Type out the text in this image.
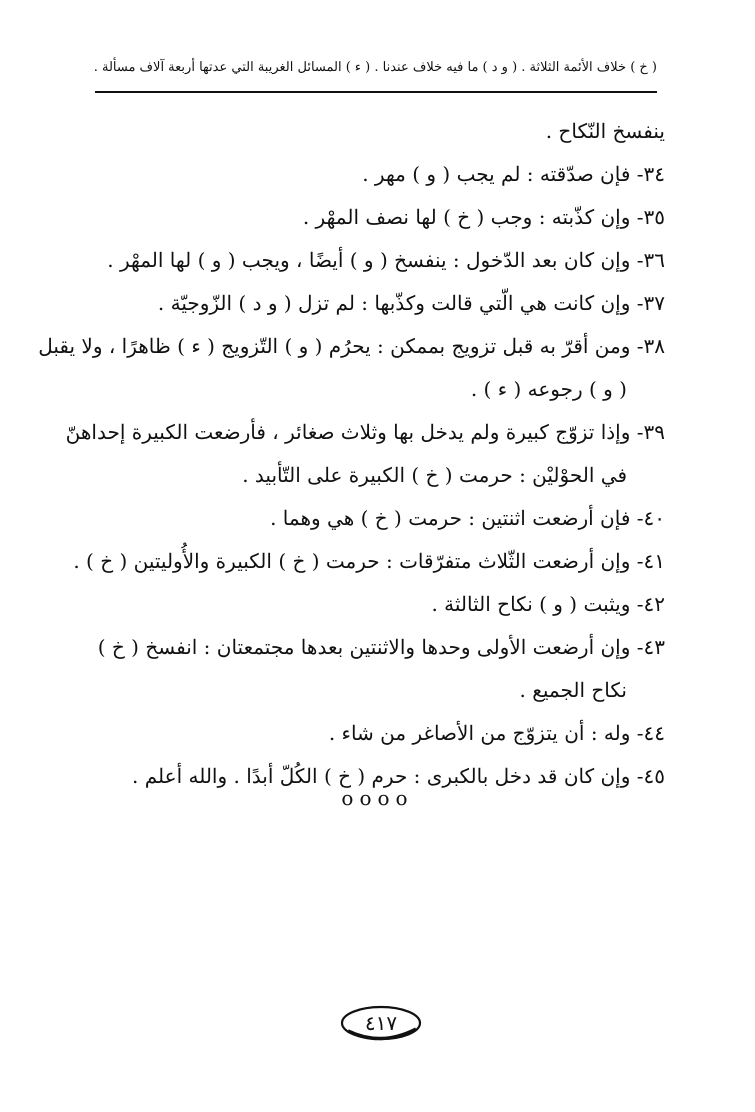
( خ ) خلاف الأئمة الثلاثة . ( و د ) ما فيه خلاف عندنا . ( ء ) المسائل الغريبة التي عدتها أربعة آلاف مسألة .
ينفسخ النّكاح .
٣٤- فإن صدّقته : لم يجب ( و ) مهر .
٣٥- وإن كذّبته : وجب ( خ ) لها نصف المهْر .
٣٦- وإن كان بعد الدّخول : ينفسخ ( و ) أيضًا ، ويجب ( و ) لها المهْر .
٣٧- وإن كانت هي الّتي قالت وكذّبها : لم تزل ( و د ) الزّوجيّة .
٣٨- ومن أقرّ به قبل تزويج بممكن : يحرُم ( و ) التّزويج ( ء ) ظاهرًا ، ولا يقبل
( و ) رجوعه ( ء ) .
٣٩- وإذا تزوّج كبيرة ولم يدخل بها وثلاث صغائر ، فأرضعت الكبيرة إحداهنّ
في الحوْليْن : حرمت ( خ ) الكبيرة على التّأبيد .
٤٠- فإن أرضعت اثنتين : حرمت ( خ ) هي وهما .
٤١- وإن أرضعت الثّلاث متفرّقات : حرمت ( خ ) الكبيرة والأُوليتين ( خ ) .
٤٢- ويثبت ( و ) نكاح الثالثة .
٤٣- وإن أرضعت الأولى وحدها والاثنتين بعدها مجتمعتان : انفسخ ( خ )
نكاح الجميع .
٤٤- وله : أن يتزوّج من الأصاغر من شاء .
٤٥- وإن كان قد دخل بالكبرى : حرم ( خ ) الكُلّ أبدًا . والله أعلم .
oooo
٤١٧
